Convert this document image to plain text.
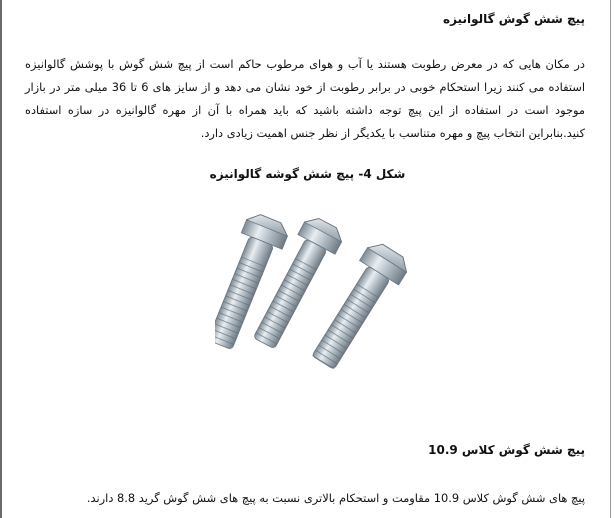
پیچ شش گوش گالوانیزه
در مکان هایی که در معرض رطوبت هستند یا آب و هوای مرطوب حاکم است از پیچ شش گوش با پوشش گالوانیزه استفاده می کنند زیرا استحکام خوبی در برابر رطوبت از خود نشان می دهد و از سایز های 6 تا 36 میلی متر در بازار موجود است در استفاده از این پیچ توجه داشته باشید که باید همراه با آن از مهره گالوانیزه در سازه استفاده کنید.بنابراین انتخاب پیچ و مهره متناسب با یکدیگر از نظر جنس اهمیت زیادی دارد.
شکل 4- پیچ شش گوشه گالوانیزه
پیچ شش گوش کلاس 10.9
پیچ های شش گوش کلاس 10.9 مقاومت و استحکام بالاتری نسبت به پیچ های شش گوش گرید 8.8 دارند.
